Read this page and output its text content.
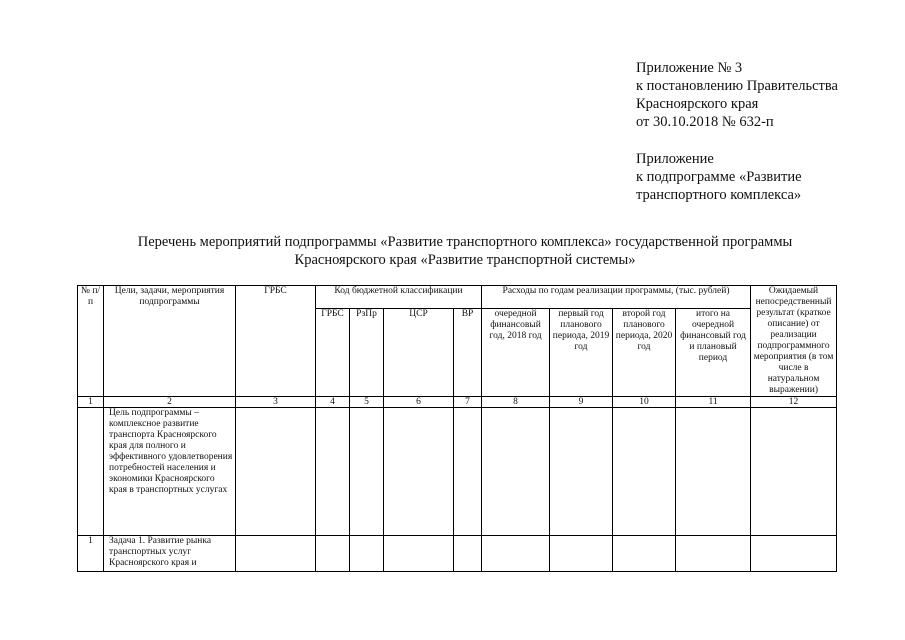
Приложение № 3
к постановлению Правительства
Красноярского края
от 30.10.2018 № 632-п
Приложение
к подпрограмме «Развитие
транспортного комплекса»
Перечень мероприятий подпрограммы «Развитие транспортного комплекса» государственной программы
Красноярского края «Развитие транспортной системы»
№ п/п	Цели, задачи, мероприятия подпрограммы	ГРБС	Код бюджетной классификации				Расходы по годам реализации программы, (тыс. рублей)				Ожидаемый непосредственный результат (краткое описание) от реализации подпрограммного мероприятия (в том числе в натуральном выражении)
			ГРБС	РзПр	ЦСР	ВР	очередной финансовый год, 2018 год	первый год планового периода, 2019 год	второй год планового периода, 2020 год	итого на очередной финансовый год и плановый период	
1	2	3	4	5	6	7	8	9	10	11	12
	Цель подпрограммы – комплексное развитие транспорта Красноярского края для полного и эффективного удовлетворения потребностей населения и экономики Красноярского края в транспортных услугах										
1	Задача 1. Развитие рынка транспортных услуг Красноярского края и										
